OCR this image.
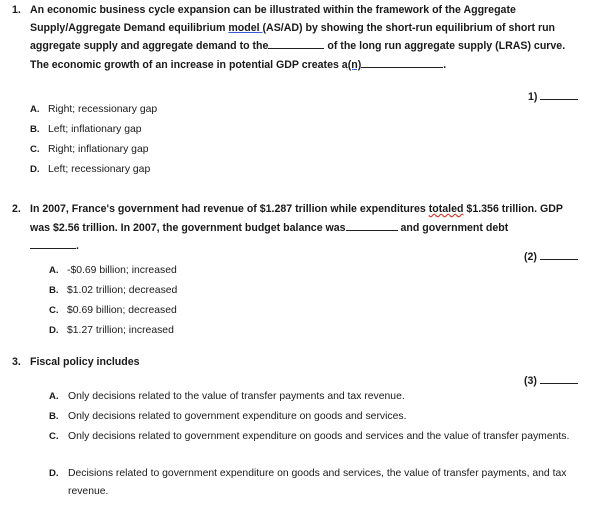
1. An economic business cycle expansion can be illustrated within the framework of the Aggregate Supply/Aggregate Demand equilibrium model (AS/AD) by showing the short-run equilibrium of short run aggregate supply and aggregate demand to the	of the long run aggregate supply (LRAS) curve. The economic growth of an increase in potential GDP creates a(n)	.
1)
A. Right; recessionary gap
B. Left; inflationary gap
C. Right; inflationary gap
D. Left; recessionary gap
2. In 2007, France's government had revenue of $1.287 trillion while expenditures totaled $1.356 trillion. GDP was $2.56 trillion. In 2007, the government budget balance was	and government debt
.
(2)
A. -$0.69 billion; increased
B. $1.02 trillion; decreased
C. $0.69 billion; decreased
D. $1.27 trillion; increased
3. Fiscal policy includes
(3)
A. Only decisions related to the value of transfer payments and tax revenue.
B. Only decisions related to government expenditure on goods and services.
C. Only decisions related to government expenditure on goods and services and the value of transfer payments.
D. Decisions related to government expenditure on goods and services, the value of transfer payments, and tax revenue.
